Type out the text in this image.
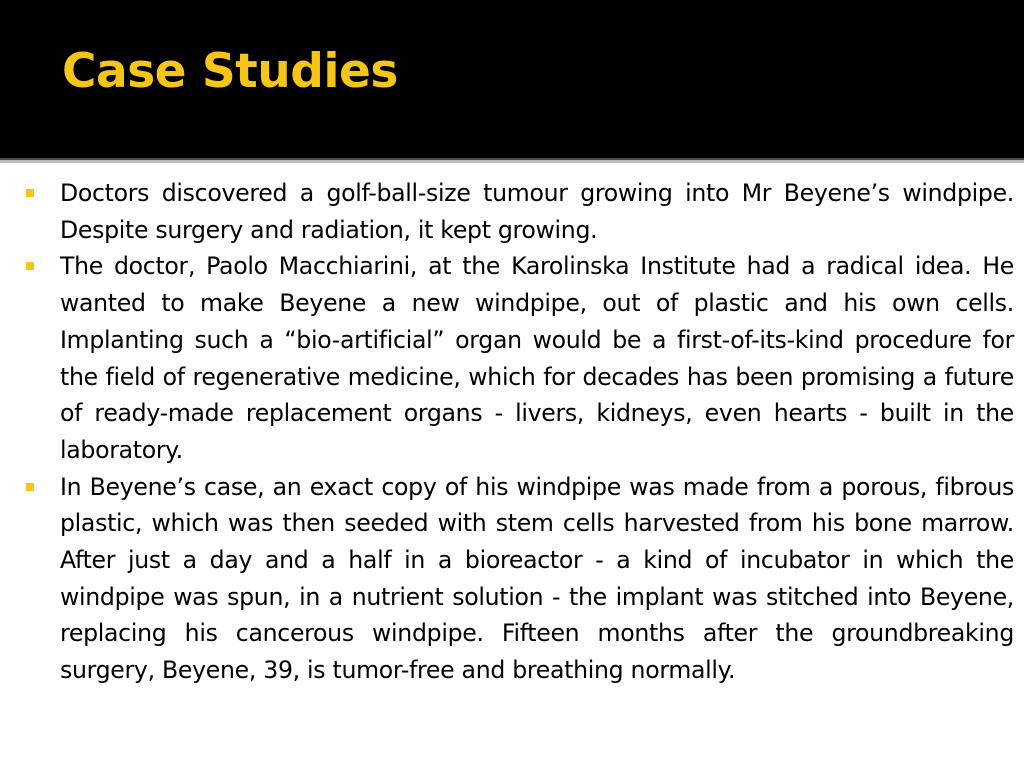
Case Studies
Doctors discovered a golf-ball-size tumour growing into Mr Beyene’s windpipe. Despite surgery and radiation, it kept growing.
The doctor, Paolo Macchiarini, at the Karolinska Institute had a radical idea. He wanted to make Beyene a new windpipe, out of plastic and his own cells. Implanting such a “bio-artificial” organ would be a first-of-its-kind procedure for the field of regenerative medicine, which for decades has been promising a future of ready-made replacement organs - livers, kidneys, even hearts - built in the laboratory.
In Beyene’s case, an exact copy of his windpipe was made from a porous, fibrous plastic, which was then seeded with stem cells harvested from his bone marrow. After just a day and a half in a bioreactor - a kind of incubator in which the windpipe was spun, in a nutrient solution - the implant was stitched into Beyene, replacing his cancerous windpipe. Fifteen months after the groundbreaking surgery, Beyene, 39, is tumor-free and breathing normally.
